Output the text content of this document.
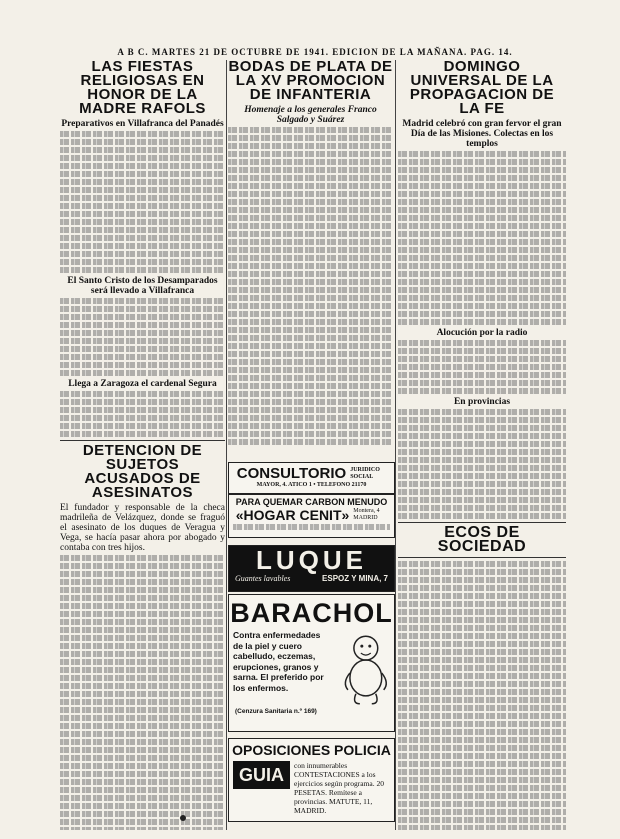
A B C. MARTES 21 DE OCTUBRE DE 1941. EDICION DE LA MAÑANA. PAG. 14.
LAS FIESTAS RELIGIOSAS EN HONOR DE LA MADRE RAFOLS
Preparativos en Villafranca del Panadés
El Santo Cristo de los Desamparados será llevado a Villafranca
Llega a Zaragoza el cardenal Segura
DETENCION DE SUJETOS ACUSADOS DE ASESINATOS
El fundador y responsable de la checa madrileña de Velázquez, donde se fraguó el asesinato de los duques de Veragua y Vega, se hacía pasar ahora por abogado y contaba con tres hijos.
BODAS DE PLATA DE LA XV PROMOCION DE INFANTERIA
Homenaje a los generales Franco Salgado y Suárez
CONSULTORIO JURIDICO SOCIAL
MAYOR, 4. ATICO 1 • TELEFONO 21170
PARA QUEMAR CARBON MENUDO
«HOGAR CENIT» Montera, 4 MADRID
LUQUE
Guantes lavables	ESPOZ Y MINA, 7
BARACHOL
Contra enfermedades de la piel y cuero cabelludo, eczemas, erupciones, granos y sarna. El preferido por los enfermos.
(Cenzura Sanitaria n.º 169)
OPOSICIONES POLICIA
GUIA	con innumerables CONTESTACIONES a los ejercicios según programa. 20 PESETAS. Remítese a provincias. MATUTE, 11, MADRID.
DOMINGO UNIVERSAL DE LA PROPAGACION DE LA FE
Madrid celebró con gran fervor el gran Día de las Misiones. Colectas en los templos
Alocución por la radio
En provincias
ECOS DE SOCIEDAD
